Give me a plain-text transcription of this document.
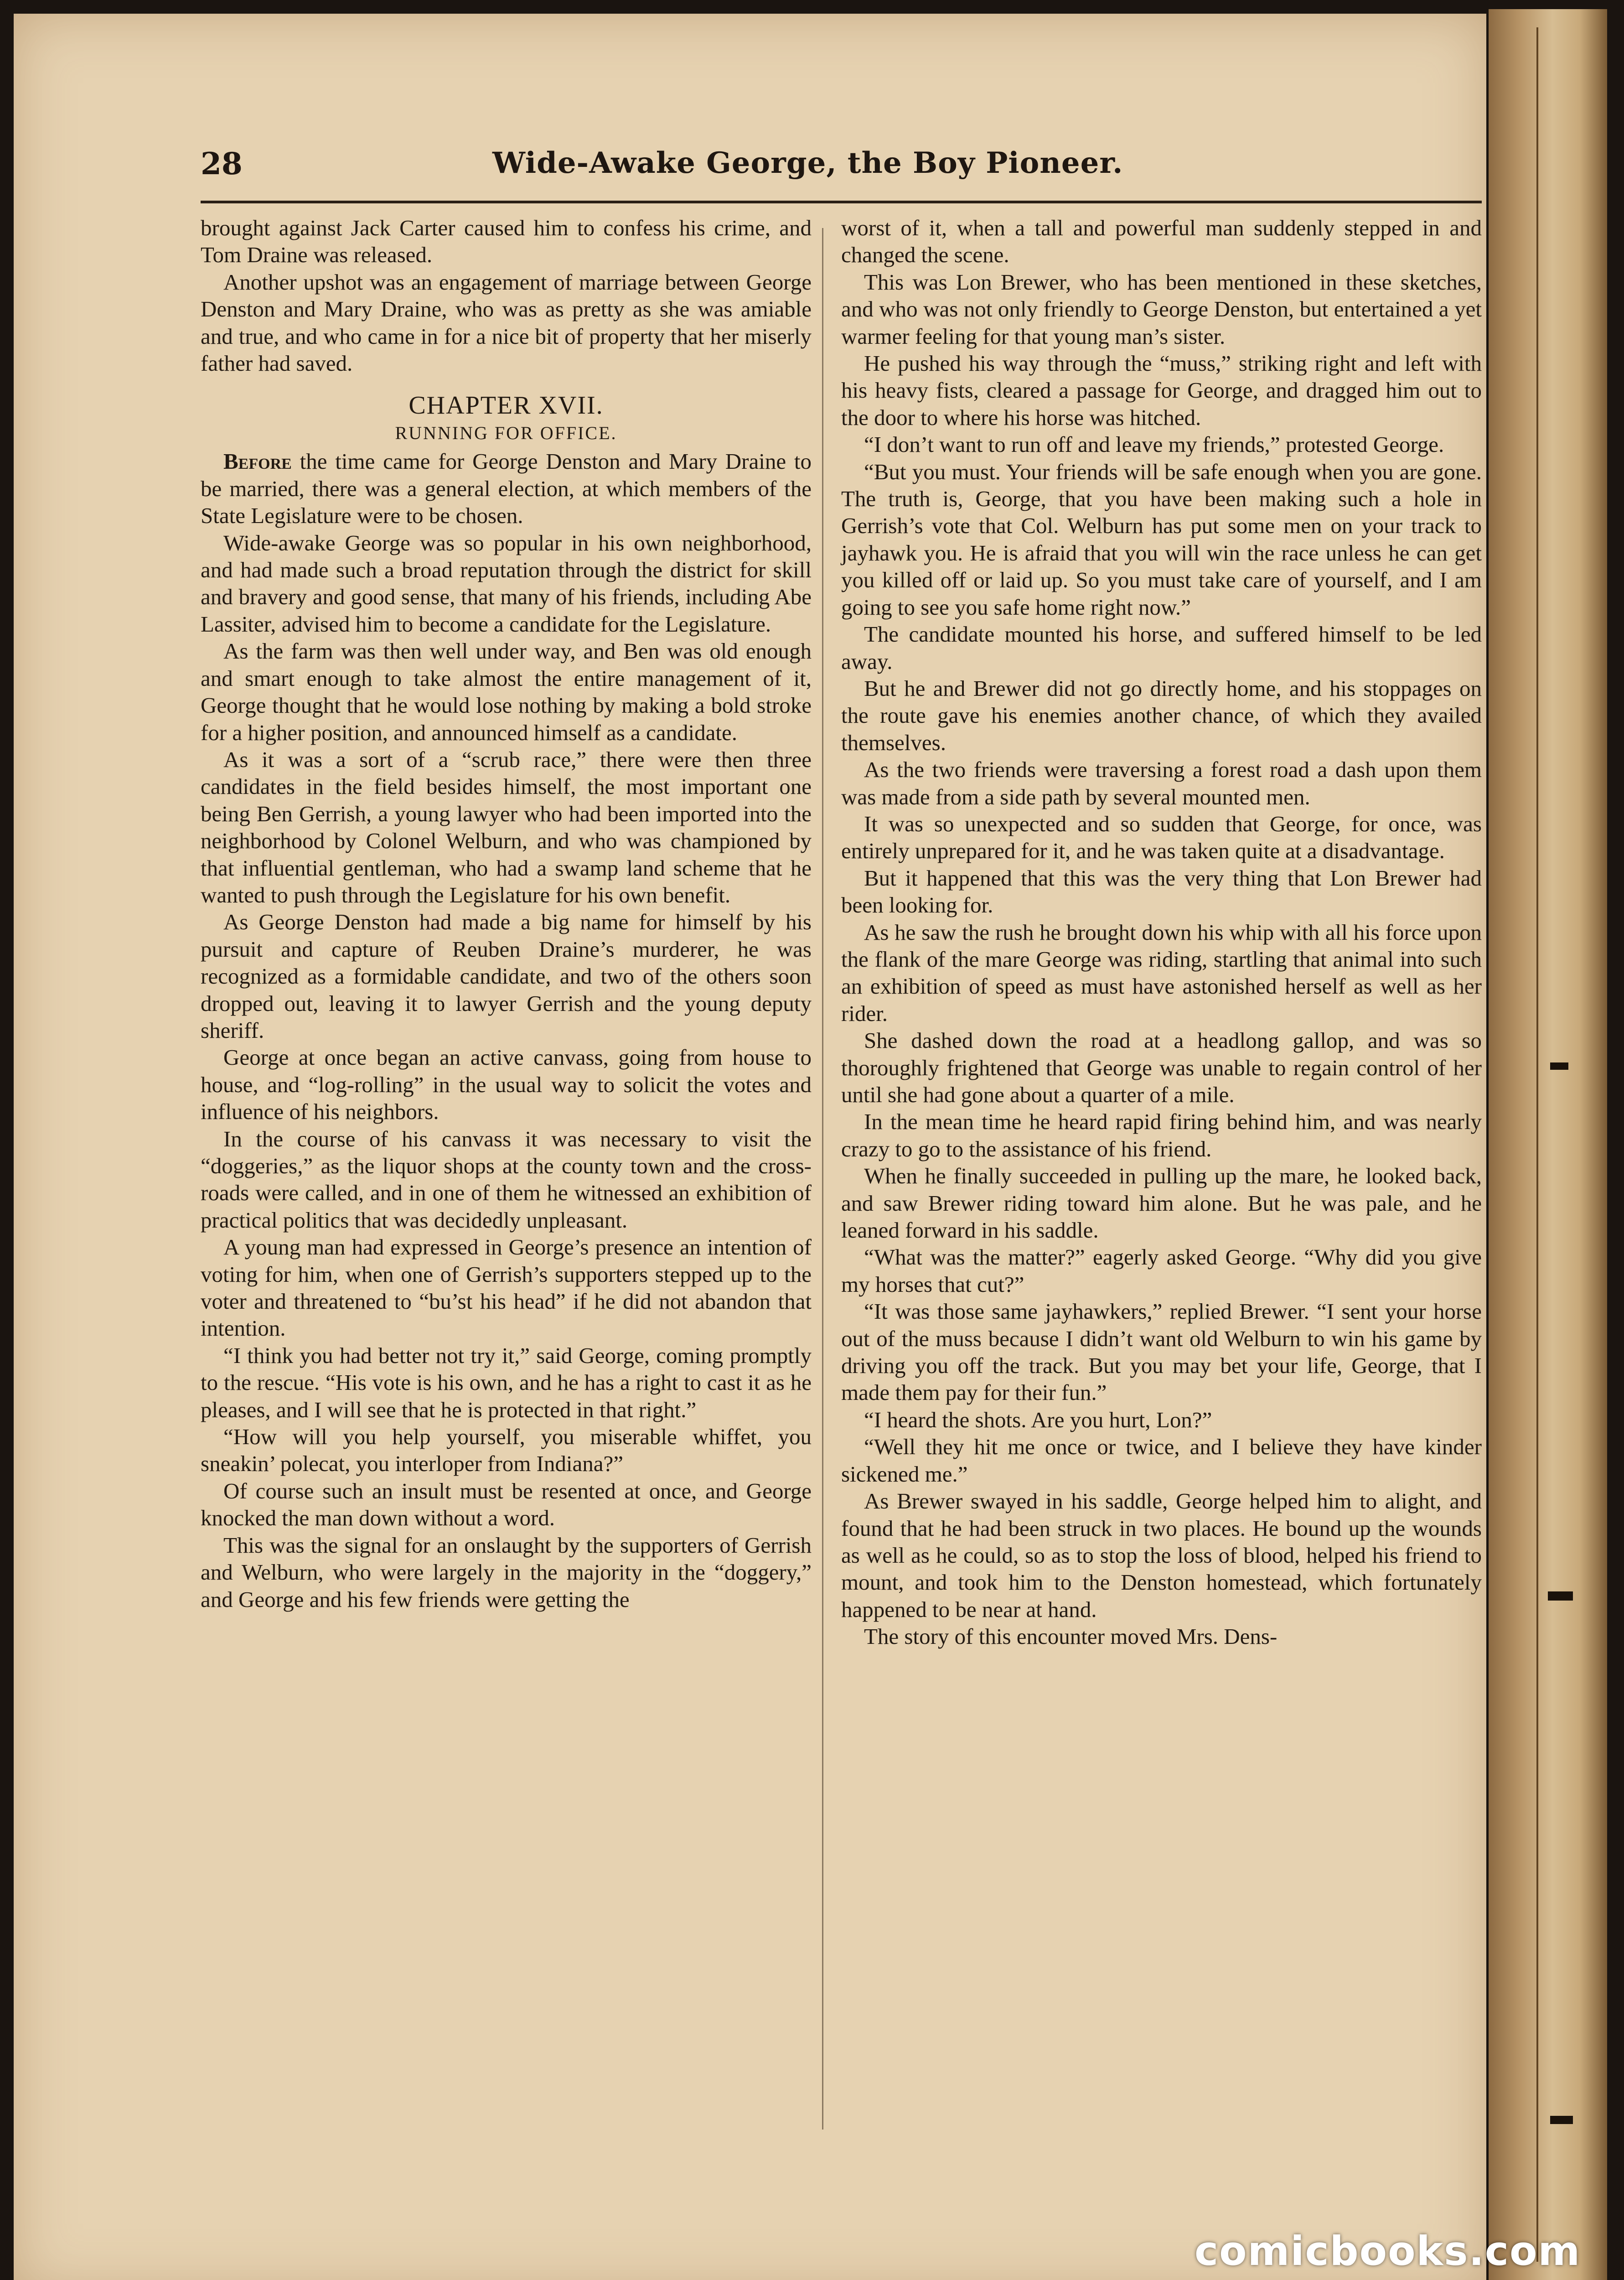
28	Wide-Awake George, the Boy Pioneer.

brought against Jack Carter caused him to confess his crime, and Tom Draine was released.

Another upshot was an engagement of marriage between George Denston and Mary Draine, who was as pretty as she was amiable and true, and who came in for a nice bit of property that her miserly father had saved.

CHAPTER XVII.
RUNNING FOR OFFICE.

Before the time came for George Denston and Mary Draine to be married, there was a general election, at which members of the State Legislature were to be chosen.

Wide-awake George was so popular in his own neighborhood, and had made such a broad reputation through the district for skill and bravery and good sense, that many of his friends, including Abe Lassiter, advised him to become a candidate for the Legislature.

As the farm was then well under way, and Ben was old enough and smart enough to take almost the entire management of it, George thought that he would lose nothing by making a bold stroke for a higher position, and announced himself as a candidate.

As it was a sort of a “scrub race,” there were then three candidates in the field besides himself, the most important one being Ben Gerrish, a young lawyer who had been imported into the neighborhood by Colonel Welburn, and who was championed by that influential gentleman, who had a swamp land scheme that he wanted to push through the Legislature for his own benefit.

As George Denston had made a big name for himself by his pursuit and capture of Reuben Draine’s murderer, he was recognized as a formidable candidate, and two of the others soon dropped out, leaving it to lawyer Gerrish and the young deputy sheriff.

George at once began an active canvass, going from house to house, and “log-rolling” in the usual way to solicit the votes and influence of his neighbors.

In the course of his canvass it was necessary to visit the “doggeries,” as the liquor shops at the county town and the cross-roads were called, and in one of them he witnessed an exhibition of practical politics that was decidedly unpleasant.

A young man had expressed in George’s presence an intention of voting for him, when one of Gerrish’s supporters stepped up to the voter and threatened to “bu’st his head” if he did not abandon that intention.

“I think you had better not try it,” said George, coming promptly to the rescue. “His vote is his own, and he has a right to cast it as he pleases, and I will see that he is protected in that right.”

“How will you help yourself, you miserable whiffet, you sneakin’ polecat, you interloper from Indiana?”

Of course such an insult must be resented at once, and George knocked the man down without a word.

This was the signal for an onslaught by the supporters of Gerrish and Welburn, who were largely in the majority in the “doggery,” and George and his few friends were getting the

worst of it, when a tall and powerful man suddenly stepped in and changed the scene.

This was Lon Brewer, who has been mentioned in these sketches, and who was not only friendly to George Denston, but entertained a yet warmer feeling for that young man’s sister.

He pushed his way through the “muss,” striking right and left with his heavy fists, cleared a passage for George, and dragged him out to the door to where his horse was hitched.

“I don’t want to run off and leave my friends,” protested George.

“But you must. Your friends will be safe enough when you are gone. The truth is, George, that you have been making such a hole in Gerrish’s vote that Col. Welburn has put some men on your track to jayhawk you. He is afraid that you will win the race unless he can get you killed off or laid up. So you must take care of yourself, and I am going to see you safe home right now.”

The candidate mounted his horse, and suffered himself to be led away.

But he and Brewer did not go directly home, and his stoppages on the route gave his enemies another chance, of which they availed themselves.

As the two friends were traversing a forest road a dash upon them was made from a side path by several mounted men.

It was so unexpected and so sudden that George, for once, was entirely unprepared for it, and he was taken quite at a disadvantage.

But it happened that this was the very thing that Lon Brewer had been looking for.

As he saw the rush he brought down his whip with all his force upon the flank of the mare George was riding, startling that animal into such an exhibition of speed as must have astonished herself as well as her rider.

She dashed down the road at a headlong gallop, and was so thoroughly frightened that George was unable to regain control of her until she had gone about a quarter of a mile.

In the mean time he heard rapid firing behind him, and was nearly crazy to go to the assistance of his friend.

When he finally succeeded in pulling up the mare, he looked back, and saw Brewer riding toward him alone. But he was pale, and he leaned forward in his saddle.

“What was the matter?” eagerly asked George. “Why did you give my horses that cut?”

“It was those same jayhawkers,” replied Brewer. “I sent your horse out of the muss because I didn’t want old Welburn to win his game by driving you off the track. But you may bet your life, George, that I made them pay for their fun.”

“I heard the shots. Are you hurt, Lon?”

“Well they hit me once or twice, and I believe they have kinder sickened me.”

As Brewer swayed in his saddle, George helped him to alight, and found that he had been struck in two places. He bound up the wounds as well as he could, so as to stop the loss of blood, helped his friend to mount, and took him to the Denston homestead, which fortunately happened to be near at hand.

The story of this encounter moved Mrs. Dens-

comicbooks.com
